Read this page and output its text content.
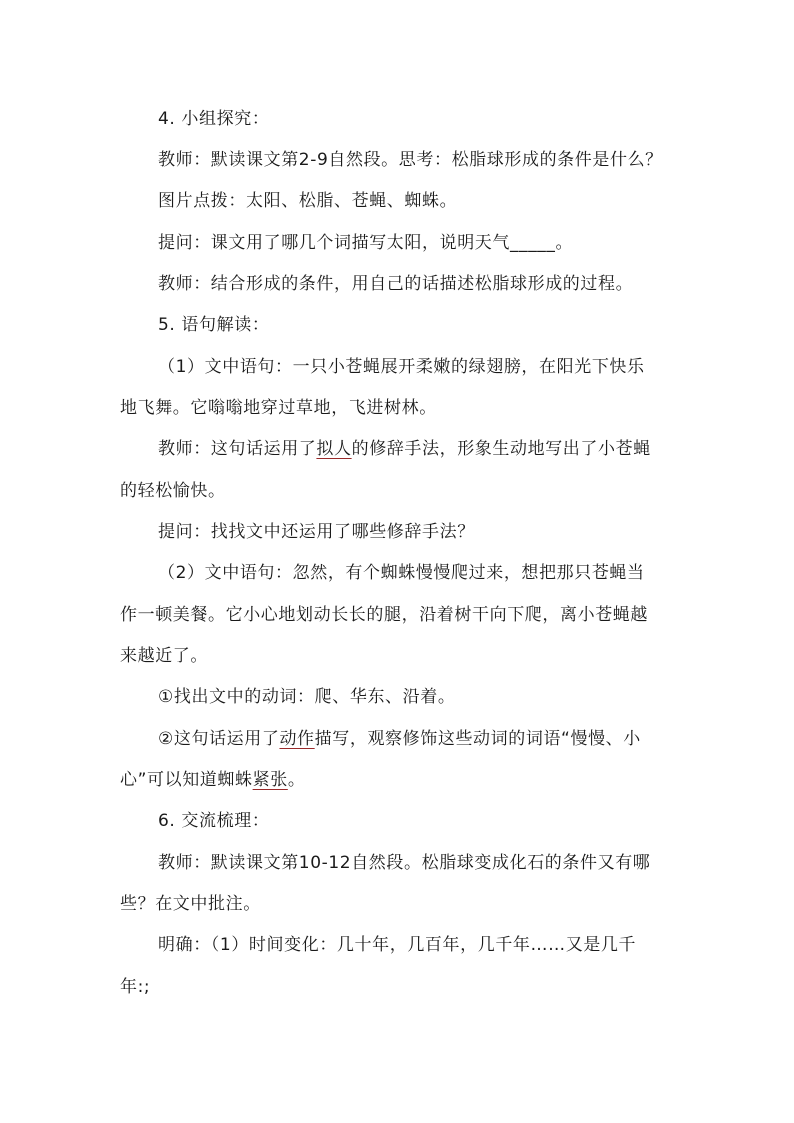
4. 小组探究：
教师：默读课文第2-9自然段。思考：松脂球形成的条件是什么？
图片点拨：太阳、松脂、苍蝇、蜘蛛。
提问：课文用了哪几个词描写太阳，说明天气_____。
教师：结合形成的条件，用自己的话描述松脂球形成的过程。
5. 语句解读：
（1）文中语句：一只小苍蝇展开柔嫩的绿翅膀，在阳光下快乐
地飞舞。它嗡嗡地穿过草地，飞进树林。
教师：这句话运用了拟人的修辞手法，形象生动地写出了小苍蝇
的轻松愉快。
提问：找找文中还运用了哪些修辞手法？
（2）文中语句：忽然，有个蜘蛛慢慢爬过来，想把那只苍蝇当
作一顿美餐。它小心地划动长长的腿，沿着树干向下爬，离小苍蝇越
来越近了。
①找出文中的动词：爬、华东、沿着。
②这句话运用了动作描写，观察修饰这些动词的词语“慢慢、小
心”可以知道蜘蛛紧张。
6. 交流梳理：
教师：默读课文第10-12自然段。松脂球变成化石的条件又有哪
些？在文中批注。
明确：（1）时间变化：几十年，几百年，几千年……又是几千
年:;
